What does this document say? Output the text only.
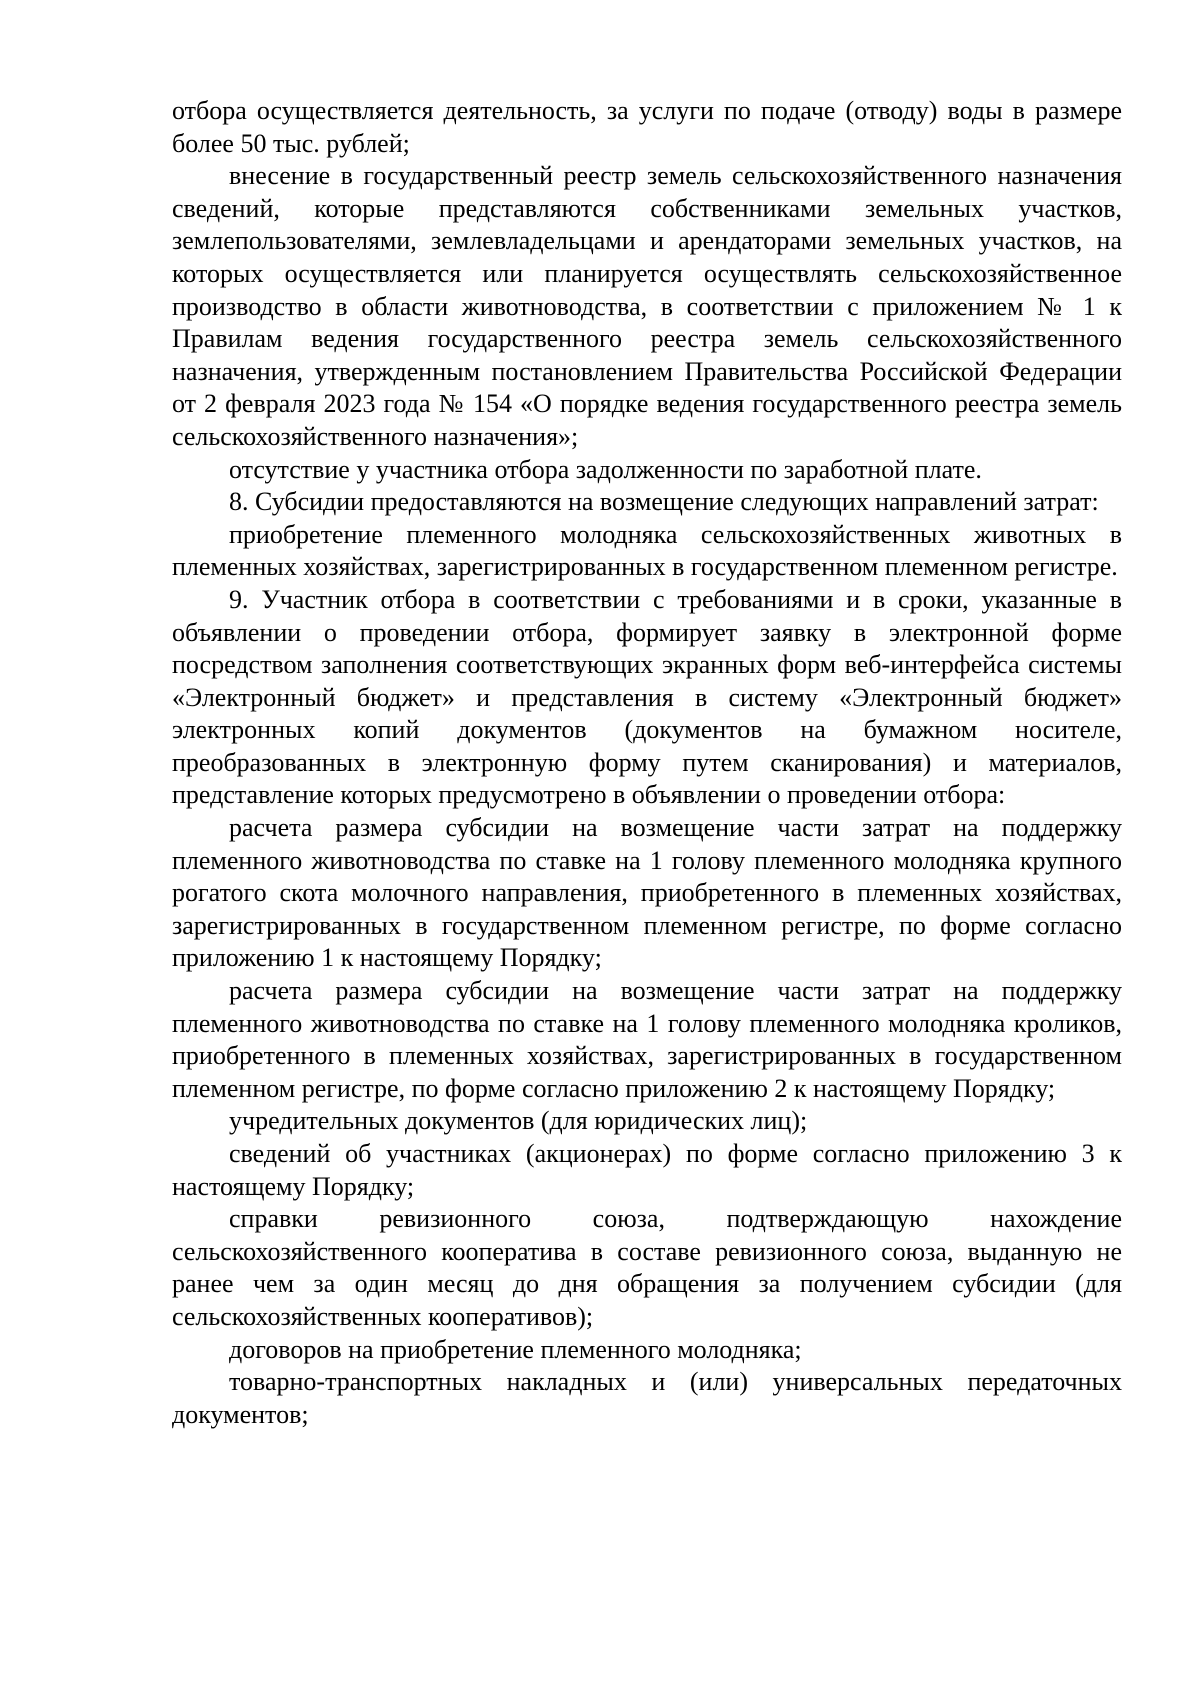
отбора осуществляется деятельность, за услуги по подаче (отводу) воды в размере более 50 тыс. рублей;

внесение в государственный реестр земель сельскохозяйственного назначения сведений, которые представляются собственниками земельных участков, землепользователями, землевладельцами и арендаторами земельных участков, на которых осуществляется или планируется осуществлять сельскохозяйственное производство в области животноводства, в соответствии с приложением № 1 к Правилам ведения государственного реестра земель сельскохозяйственного назначения, утвержденным постановлением Правительства Российской Федерации от 2 февраля 2023 года № 154 «О порядке ведения государственного реестра земель сельскохозяйственного назначения»;

отсутствие у участника отбора задолженности по заработной плате.

8. Субсидии предоставляются на возмещение следующих направлений затрат:

приобретение племенного молодняка сельскохозяйственных животных в племенных хозяйствах, зарегистрированных в государственном племенном регистре.

9. Участник отбора в соответствии с требованиями и в сроки, указанные в объявлении о проведении отбора, формирует заявку в электронной форме посредством заполнения соответствующих экранных форм веб-интерфейса системы «Электронный бюджет» и представления в систему «Электронный бюджет» электронных копий документов (документов на бумажном носителе, преобразованных в электронную форму путем сканирования) и материалов, представление которых предусмотрено в объявлении о проведении отбора:

расчета размера субсидии на возмещение части затрат на поддержку племенного животноводства по ставке на 1 голову племенного молодняка крупного рогатого скота молочного направления, приобретенного в племенных хозяйствах, зарегистрированных в государственном племенном регистре, по форме согласно приложению 1 к настоящему Порядку;

расчета размера субсидии на возмещение части затрат на поддержку племенного животноводства по ставке на 1 голову племенного молодняка кроликов, приобретенного в племенных хозяйствах, зарегистрированных в государственном племенном регистре, по форме согласно приложению 2 к настоящему Порядку;

учредительных документов (для юридических лиц);

сведений об участниках (акционерах) по форме согласно приложению 3 к настоящему Порядку;

справки ревизионного союза, подтверждающую нахождение сельскохозяйственного кооператива в составе ревизионного союза, выданную не ранее чем за один месяц до дня обращения за получением субсидии (для сельскохозяйственных кооперативов);

договоров на приобретение племенного молодняка;

товарно-транспортных накладных и (или) универсальных передаточных документов;
